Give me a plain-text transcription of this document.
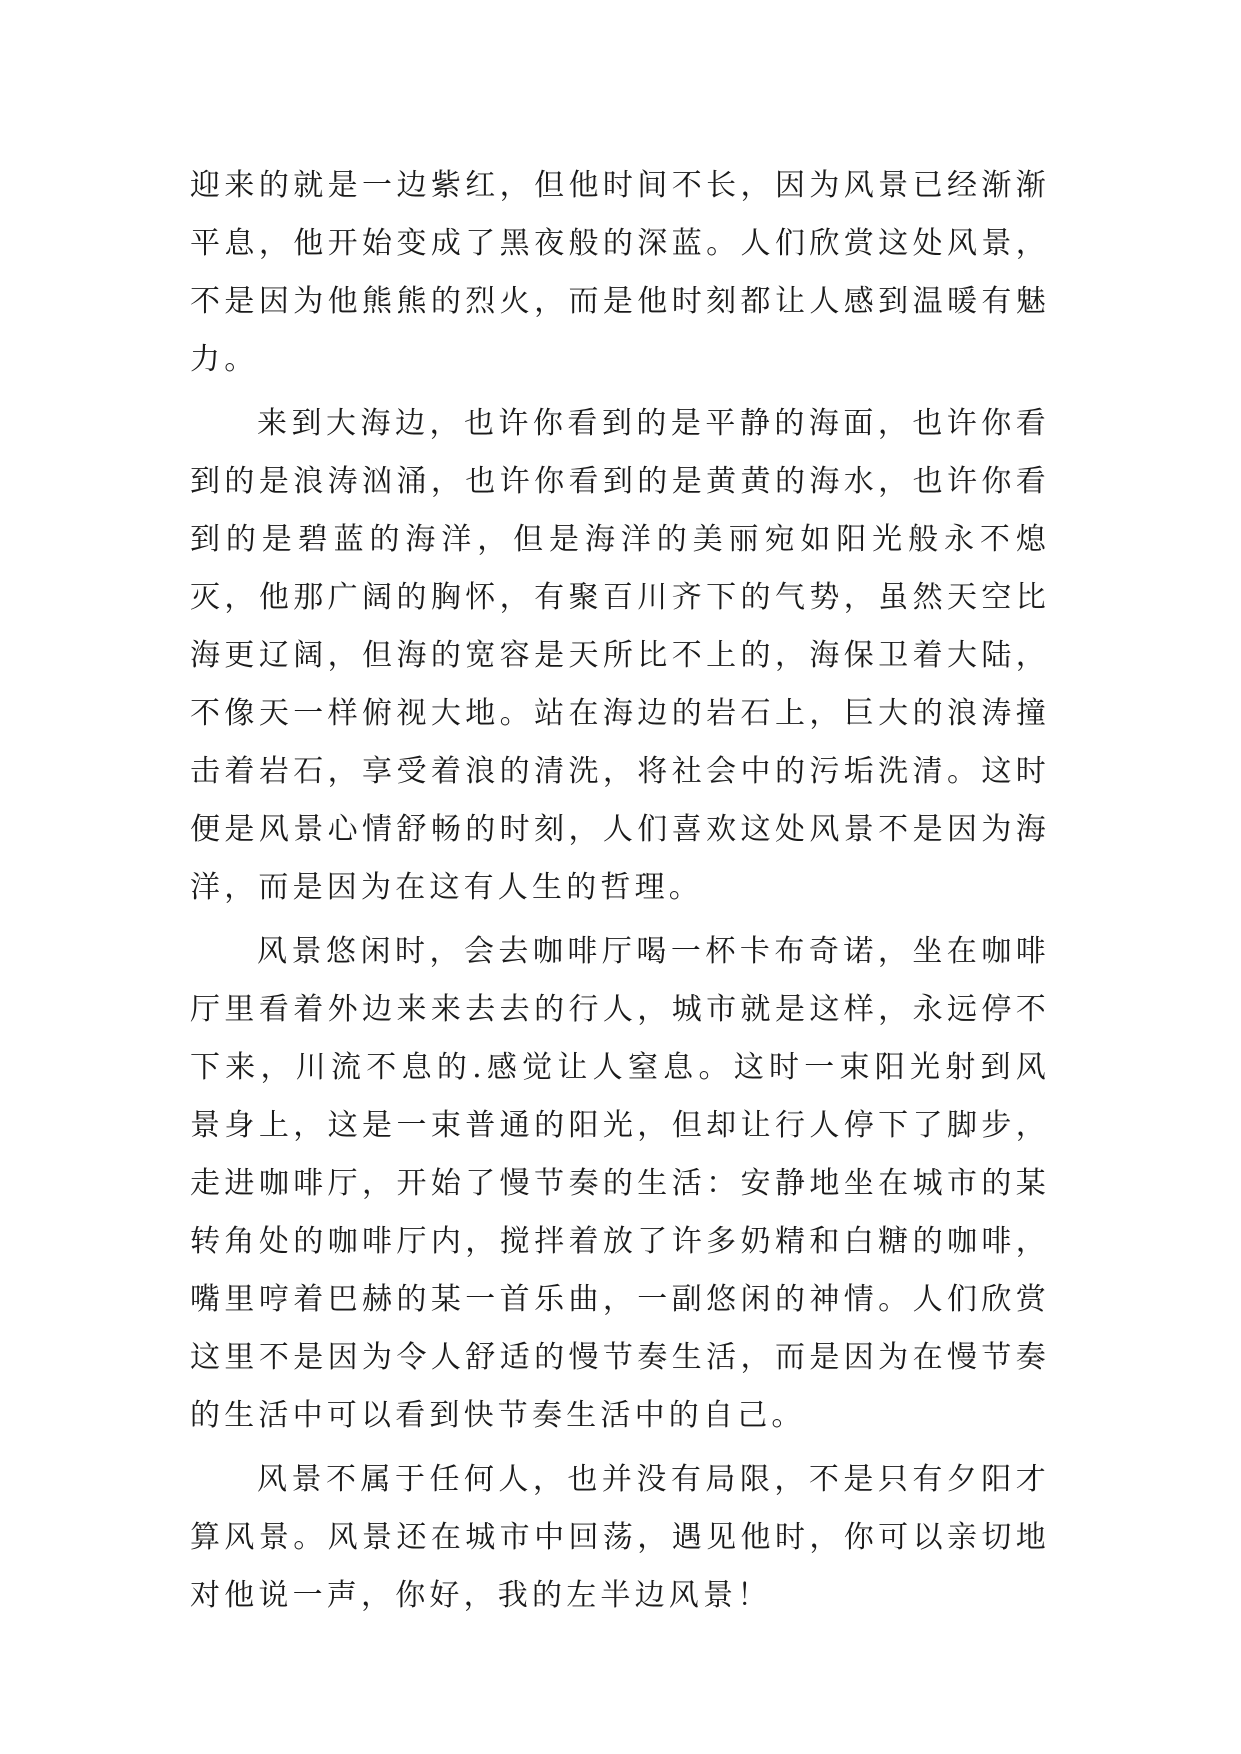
迎来的就是一边紫红，但他时间不长，因为风景已经渐渐平息，他开始变成了黑夜般的深蓝。人们欣赏这处风景，不是因为他熊熊的烈火，而是他时刻都让人感到温暖有魅力。

来到大海边，也许你看到的是平静的海面，也许你看到的是浪涛汹涌，也许你看到的是黄黄的海水，也许你看到的是碧蓝的海洋，但是海洋的美丽宛如阳光般永不熄灭，他那广阔的胸怀，有聚百川齐下的气势，虽然天空比海更辽阔，但海的宽容是天所比不上的，海保卫着大陆，不像天一样俯视大地。站在海边的岩石上，巨大的浪涛撞击着岩石，享受着浪的清洗，将社会中的污垢洗清。这时便是风景心情舒畅的时刻，人们喜欢这处风景不是因为海洋，而是因为在这有人生的哲理。

风景悠闲时，会去咖啡厅喝一杯卡布奇诺，坐在咖啡厅里看着外边来来去去的行人，城市就是这样，永远停不下来，川流不息的.感觉让人窒息。这时一束阳光射到风景身上，这是一束普通的阳光，但却让行人停下了脚步，走进咖啡厅，开始了慢节奏的生活：安静地坐在城市的某转角处的咖啡厅内，搅拌着放了许多奶精和白糖的咖啡，嘴里哼着巴赫的某一首乐曲，一副悠闲的神情。人们欣赏这里不是因为令人舒适的慢节奏生活，而是因为在慢节奏的生活中可以看到快节奏生活中的自己。

风景不属于任何人，也并没有局限，不是只有夕阳才算风景。风景还在城市中回荡，遇见他时，你可以亲切地对他说一声，你好，我的左半边风景！
